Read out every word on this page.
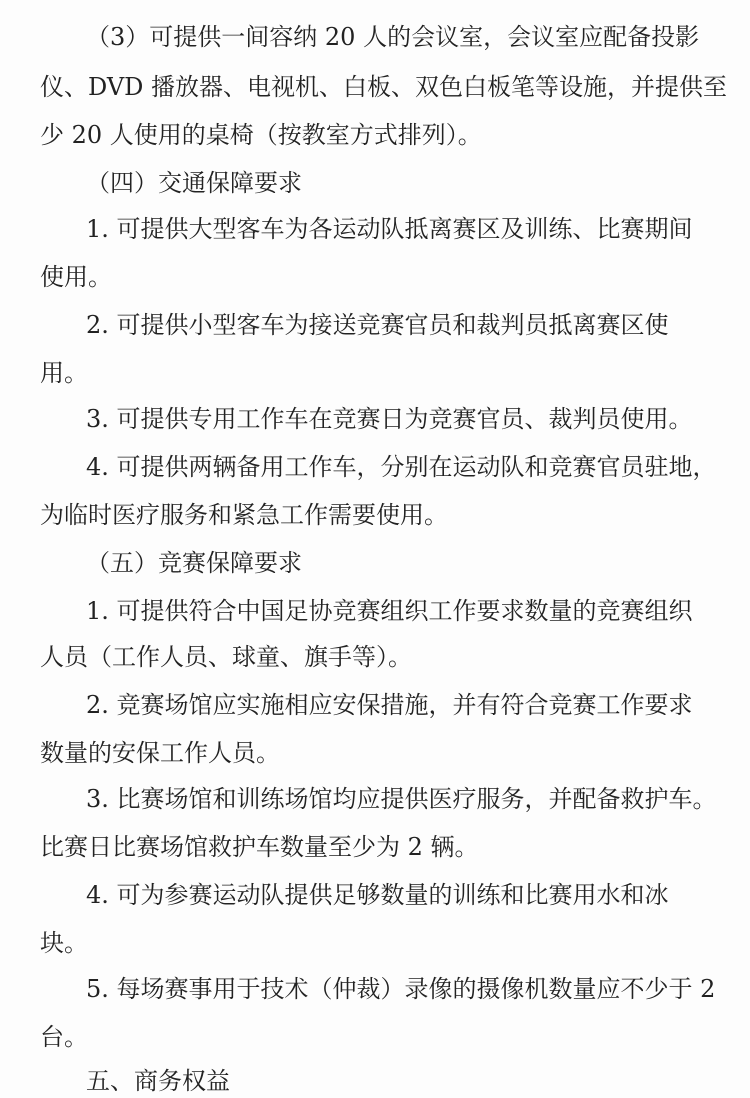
（3）可提供一间容纳 20 人的会议室，会议室应配备投影
仪、DVD 播放器、电视机、白板、双色白板笔等设施，并提供至
少 20 人使用的桌椅（按教室方式排列）。
（四）交通保障要求
1. 可提供大型客车为各运动队抵离赛区及训练、比赛期间
使用。
2. 可提供小型客车为接送竞赛官员和裁判员抵离赛区使
用。
3. 可提供专用工作车在竞赛日为竞赛官员、裁判员使用。
4. 可提供两辆备用工作车，分别在运动队和竞赛官员驻地，
为临时医疗服务和紧急工作需要使用。
（五）竞赛保障要求
1. 可提供符合中国足协竞赛组织工作要求数量的竞赛组织
人员（工作人员、球童、旗手等）。
2. 竞赛场馆应实施相应安保措施，并有符合竞赛工作要求
数量的安保工作人员。
3. 比赛场馆和训练场馆均应提供医疗服务，并配备救护车。
比赛日比赛场馆救护车数量至少为 2 辆。
4. 可为参赛运动队提供足够数量的训练和比赛用水和冰
块。
5. 每场赛事用于技术（仲裁）录像的摄像机数量应不少于 2
台。
五、商务权益
